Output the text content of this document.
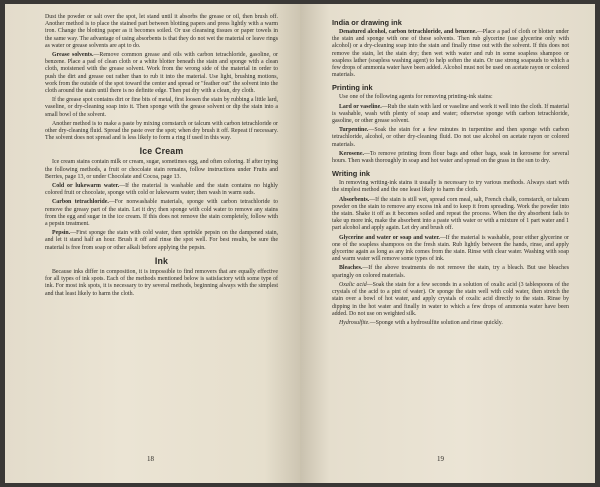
Dust the powder or salt over the spot, let stand until it absorbs the grease or oil, then brush off. Another method is to place the stained part between blotting papers and press lightly with a warm iron. Change the blotting paper as it becomes soiled. Or use cleansing tissues or paper towels in the same way. The advantage of using absorbents is that they do not wet the material or leave rings as water or grease solvents are apt to do.

Grease solvents.—Remove common grease and oils with carbon tetrachloride, gasoline, or benzene. Place a pad of clean cloth or a white blotter beneath the stain and sponge with a clean cloth, moistened with the grease solvent. Work from the wrong side of the material in order to push the dirt and grease out rather than to rub it into the material. Use light, brushing motions, work from the outside of the spot toward the center and spread or "feather out" the solvent into the cloth around the stain until there is no definite edge. Then put dry with a clean, dry cloth.

If the grease spot contains dirt or fine bits of metal, first loosen the stain by rubbing a little lard, vaseline, or dry-cleaning soap into it. Then sponge with the grease solvent or dip the stain into a small bowl of the solvent.

Another method is to make a paste by mixing cornstarch or talcum with carbon tetrachloride or other dry-cleaning fluid. Spread the paste over the spot; when dry brush it off. Repeat if necessary. The solvent does not spread and is less likely to form a ring if used in this way.

Ice Cream

Ice cream stains contain milk or cream, sugar, sometimes egg, and often coloring. If after trying the following methods, a fruit or chocolate stain remains, follow instructions under Fruits and Berries, page 13, or under Chocolate and Cocoa, page 13.

Cold or lukewarm water.—If the material is washable and the stain contains no highly colored fruit or chocolate, sponge with cold or lukewarm water; then wash in warm suds.

Carbon tetrachloride.—For nonwashable materials, sponge with carbon tetrachloride to remove the greasy part of the stain. Let it dry; then sponge with cold water to remove any stains from the egg and sugar in the ice cream. If this does not remove the stain completely, follow with a pepsin treatment.

Pepsin.—First sponge the stain with cold water, then sprinkle pepsin on the dampened stain, and let it stand half an hour. Brush it off and rinse the spot well. For best results, be sure the material is free from soap or other alkali before applying the pepsin.

Ink

Because inks differ in composition, it is impossible to find removers that are equally effective for all types of ink spots. Each of the methods mentioned below is satisfactory with some type of ink. For most ink spots, it is necessary to try several methods, beginning always with the simplest and that least likely to harm the cloth.

18
India or drawing ink

Denatured alcohol, carbon tetrachloride, and benzene.—Place a pad of cloth or blotter under the stain and sponge with one of these solvents. Then rub glycerine (use glycerine only with alcohol) or a dry-cleaning soap into the stain and finally rinse out with the solvent. If this does not remove the stain, let the stain dry; then wet with water and rub in some soapless shampoo or soapless lather (soapless washing agent) to help soften the stain. Or use strong soapsuds to which a few drops of ammonia water have been added. Alcohol must not be used on acetate rayon or colored materials.

Printing ink

Use one of the following agents for removing printing-ink stains:

Lard or vaseline.—Rub the stain with lard or vaseline and work it well into the cloth. If material is washable, wash with plenty of soap and water; otherwise sponge with carbon tetrachloride, gasoline, or other grease solvent.

Turpentine.—Soak the stain for a few minutes in turpentine and then sponge with carbon tetrachloride, alcohol, or other dry-cleaning fluid. Do not use alcohol on acetate rayon or colored materials.

Kerosene.—To remove printing from flour bags and other bags, soak in kerosene for several hours. Then wash thoroughly in soap and hot water and spread on the grass in the sun to dry.

Writing ink

In removing writing-ink stains it usually is necessary to try various methods. Always start with the simplest method and the one least likely to harm the cloth.

Absorbents.—If the stain is still wet, spread corn meal, salt, French chalk, cornstarch, or talcum powder on the stain to remove any excess ink and to keep it from spreading. Work the powder into the stain. Shake it off as it becomes soiled and repeat the process. When the dry absorbent fails to take up more ink, make the absorbent into a paste with water or with a mixture of 1 part water and 1 part alcohol and apply again. Let dry and brush off.

Glycerine and water or soap and water.—If the material is washable, pour either glycerine or one of the soapless shampoos on the fresh stain. Rub lightly between the hands, rinse, and apply glycerine again as long as any ink comes from the stain. Rinse with clear water. Washing with soap and warm water will remove some types of ink.

Bleaches.—If the above treatments do not remove the stain, try a bleach. But use bleaches sparingly on colored materials.

Oxalic acid—Soak the stain for a few seconds in a solution of oxalic acid (3 tablespoons of the crystals of the acid to a pint of water). Or sponge the stain well with cold water, then stretch the stain over a bowl of hot water, and apply crystals of oxalic acid directly to the stain. Rinse by dipping in the hot water and finally in water to which a few drops of ammonia water have been added. Do not use on weighted silk.

Hydrosulfite.—Sponge with a hydrosulfite solution and rinse quickly.

19
